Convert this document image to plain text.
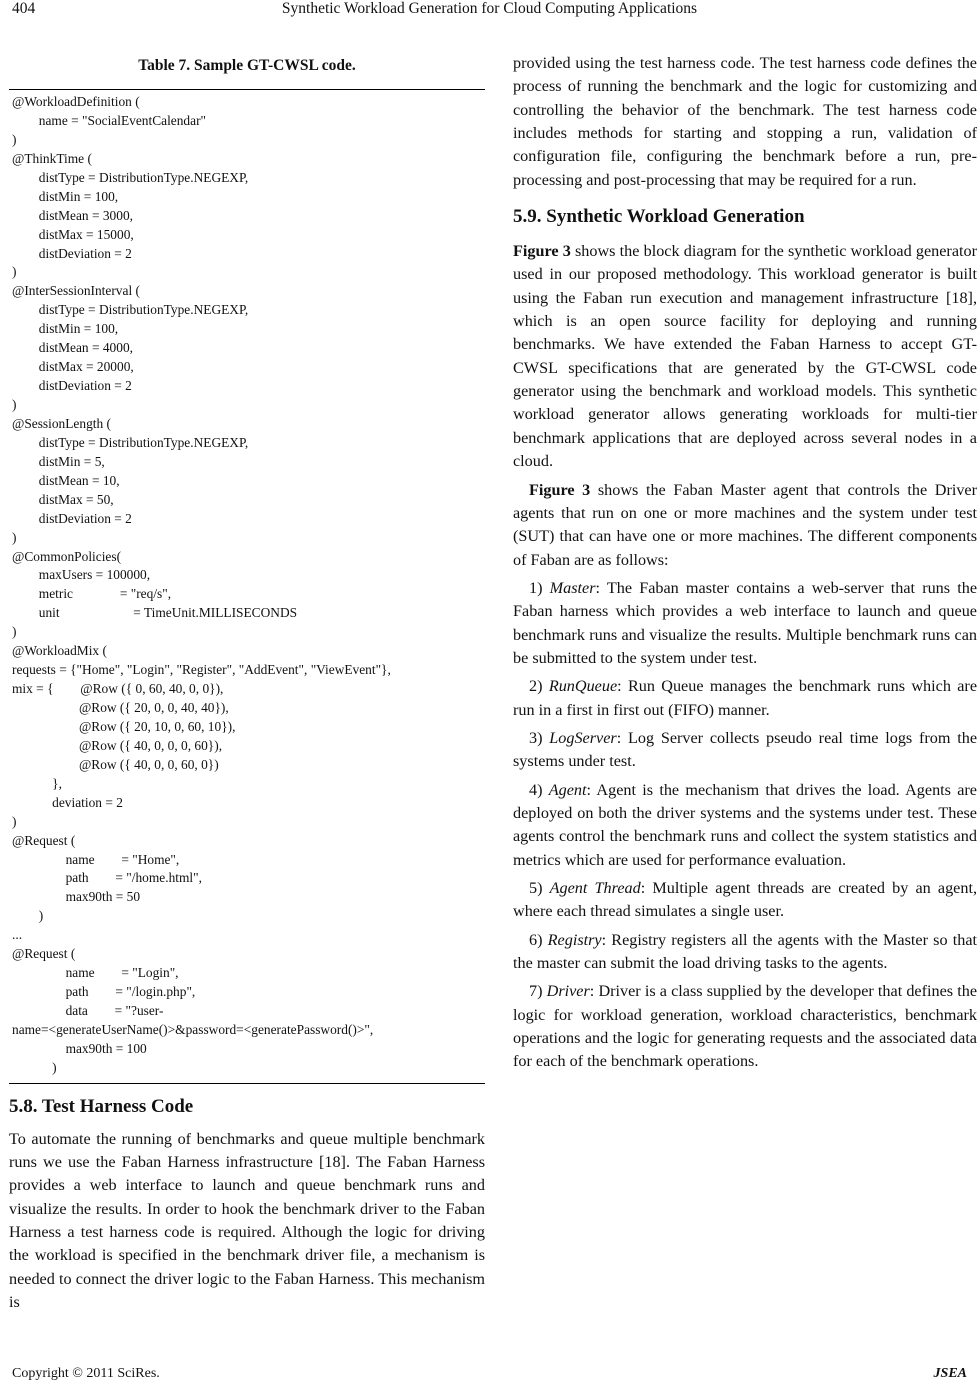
404	Synthetic Workload Generation for Cloud Computing Applications
Table 7. Sample GT-CWSL code.
@WorkloadDefinition (
name = "SocialEventCalendar"
)
@ThinkTime (
distType = DistributionType.NEGEXP,
distMin = 100,
distMean = 3000,
distMax = 15000,
distDeviation = 2
)
@InterSessionInterval (
distType = DistributionType.NEGEXP,
distMin = 100,
distMean = 4000,
distMax = 20000,
distDeviation = 2
)
@SessionLength (
distType = DistributionType.NEGEXP,
distMin = 5,
distMean = 10,
distMax = 50,
distDeviation = 2
)
@CommonPolicies(
maxUsers = 100000,
metric              = "req/s",
unit                      = TimeUnit.MILLISECONDS
)
@WorkloadMix (
requests = {"Home", "Login", "Register", "AddEvent", "ViewEvent"},
mix = {        @Row ({ 0, 60, 40, 0, 0}),
@Row ({ 20, 0, 0, 40, 40}),
@Row ({ 20, 10, 0, 60, 10}),
@Row ({ 40, 0, 0, 0, 60}),
@Row ({ 40, 0, 0, 60, 0})
},
deviation = 2
)
@Request (
name        = "Home",
path        = "/home.html",
max90th = 50
)
...
@Request (
name        = "Login",
path        = "/login.php",
data        = "?user-
name=<generateUserName()>&password=<generatePassword()>",
max90th = 100
)
5.8. Test Harness Code

To automate the running of benchmarks and queue multiple benchmark runs we use the Faban Harness infrastructure [18]. The Faban Harness provides a web interface to launch and queue benchmark runs and visualize the results. In order to hook the benchmark driver to the Faban Harness a test harness code is required. Although the logic for driving the workload is specified in the benchmark driver file, a mechanism is needed to connect the driver logic to the Faban Harness. This mechanism is

provided using the test harness code. The test harness code defines the process of running the benchmark and the logic for customizing and controlling the behavior of the benchmark. The test harness code includes methods for starting and stopping a run, validation of configuration file, configuring the benchmark before a run, pre-processing and post-processing that may be required for a run.

5.9. Synthetic Workload Generation

Figure 3 shows the block diagram for the synthetic workload generator used in our proposed methodology. This workload generator is built using the Faban run execution and management infrastructure [18], which is an open source facility for deploying and running benchmarks. We have extended the Faban Harness to accept GT-CWSL specifications that are generated by the GT-CWSL code generator using the benchmark and workload models. This synthetic workload generator allows generating workloads for multi-tier benchmark applications that are deployed across several nodes in a cloud.

Figure 3 shows the Faban Master agent that controls the Driver agents that run on one or more machines and the system under test (SUT) that can have one or more machines. The different components of Faban are as follows:

1) Master: The Faban master contains a web-server that runs the Faban harness which provides a web interface to launch and queue benchmark runs and visualize the results. Multiple benchmark runs can be submitted to the system under test.

2) RunQueue: Run Queue manages the benchmark runs which are run in a first in first out (FIFO) manner.

3) LogServer: Log Server collects pseudo real time logs from the systems under test.

4) Agent: Agent is the mechanism that drives the load. Agents are deployed on both the driver systems and the systems under test. These agents control the benchmark runs and collect the system statistics and metrics which are used for performance evaluation.

5) Agent Thread: Multiple agent threads are created by an agent, where each thread simulates a single user.

6) Registry: Registry registers all the agents with the Master so that the master can submit the load driving tasks to the agents.

7) Driver: Driver is a class supplied by the developer that defines the logic for workload generation, workload characteristics, benchmark operations and the logic for generating requests and the associated data for each of the benchmark operations.

Copyright © 2011 SciRes.	JSEA
